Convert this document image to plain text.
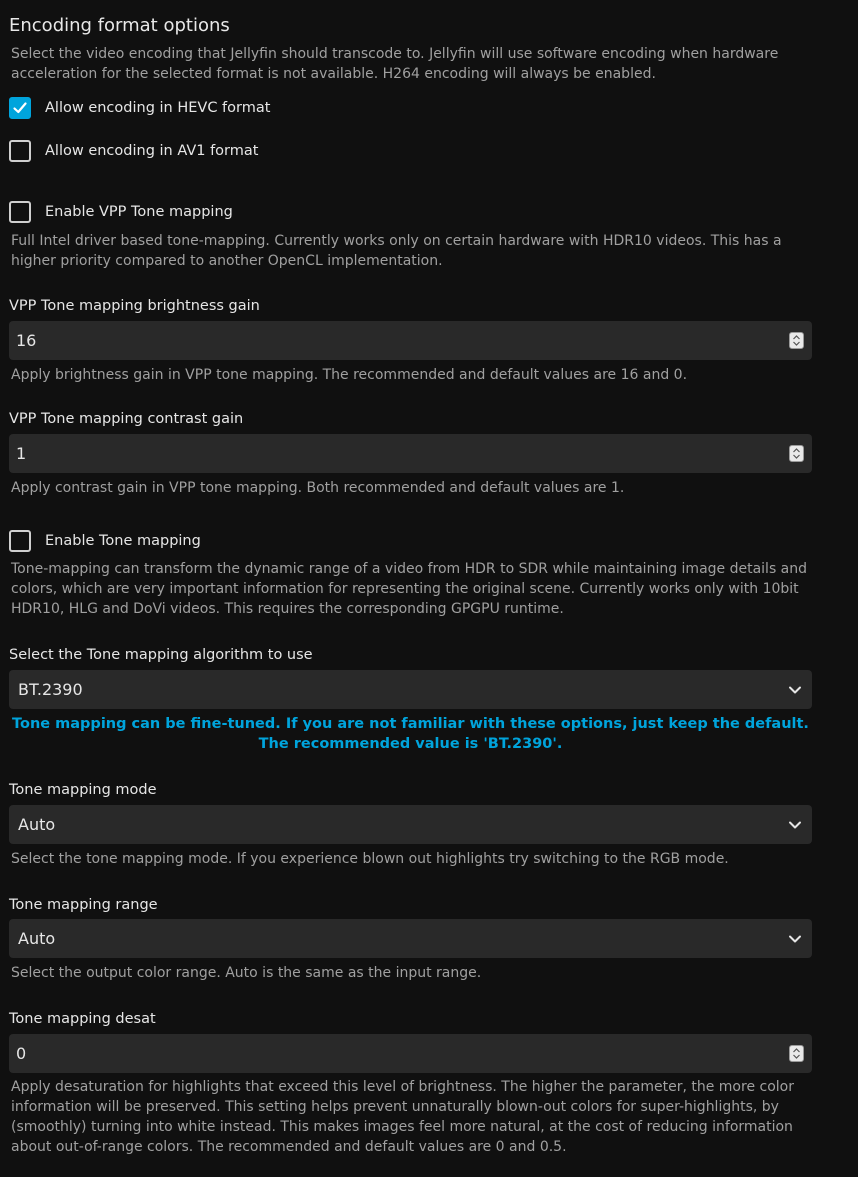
Encoding format options
Select the video encoding that Jellyfin should transcode to. Jellyfin will use software encoding when hardware acceleration for the selected format is not available. H264 encoding will always be enabled.
Allow encoding in HEVC format
Allow encoding in AV1 format
Enable VPP Tone mapping
Full Intel driver based tone-mapping. Currently works only on certain hardware with HDR10 videos. This has a higher priority compared to another OpenCL implementation.
VPP Tone mapping brightness gain
16
Apply brightness gain in VPP tone mapping. The recommended and default values are 16 and 0.
VPP Tone mapping contrast gain
1
Apply contrast gain in VPP tone mapping. Both recommended and default values are 1.
Enable Tone mapping
Tone-mapping can transform the dynamic range of a video from HDR to SDR while maintaining image details and colors, which are very important information for representing the original scene. Currently works only with 10bit HDR10, HLG and DoVi videos. This requires the corresponding GPGPU runtime.
Select the Tone mapping algorithm to use
BT.2390
Tone mapping can be fine-tuned. If you are not familiar with these options, just keep the default. The recommended value is 'BT.2390'.
Tone mapping mode
Auto
Select the tone mapping mode. If you experience blown out highlights try switching to the RGB mode.
Tone mapping range
Auto
Select the output color range. Auto is the same as the input range.
Tone mapping desat
0
Apply desaturation for highlights that exceed this level of brightness. The higher the parameter, the more color information will be preserved. This setting helps prevent unnaturally blown-out colors for super-highlights, by (smoothly) turning into white instead. This makes images feel more natural, at the cost of reducing information about out-of-range colors. The recommended and default values are 0 and 0.5.
